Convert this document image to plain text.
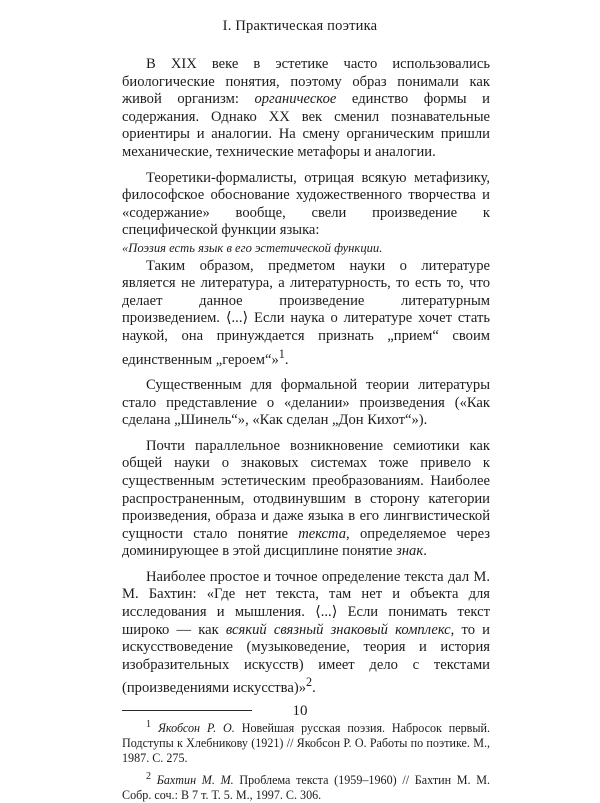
I. Практическая поэтика

В XIX веке в эстетике часто использовались биологические понятия, поэтому образ понимали как живой организм: органическое единство формы и содержания. Однако XX век сменил познавательные ориентиры и аналогии. На смену органическим пришли механические, технические метафоры и аналогии.

Теоретики-формалисты, отрицая всякую метафизику, философское обоснование художественного творчества и «содержание» вообще, свели произведение к специфической функции языка:

«Поэзия есть язык в его эстетической функции.

Таким образом, предметом науки о литературе является не литература, а литературность, то есть то, что делает данное произведение литературным произведением. ⟨...⟩ Если наука о литературе хочет стать наукой, она принуждается признать „прием“ своим единственным „героем“»$^1$.

Существенным для формальной теории литературы стало представление о «делании» произведения («Как сделана „Шинель“», «Как сделан „Дон Кихот“»).

Почти параллельное возникновение семиотики как общей науки о знаковых системах тоже привело к существенным эстетическим преобразованиям. Наиболее распространенным, отодвинувшим в сторону категории произведения, образа и даже языка в его лингвистической сущности стало понятие текста, определяемое через доминирующее в этой дисциплине понятие знак.

Наиболее простое и точное определение текста дал М. М. Бахтин: «Где нет текста, там нет и объекта для исследования и мышления. ⟨...⟩ Если понимать текст широко — как всякий связный знаковый комплекс, то и искусствоведение (музыковедение, теория и история изобразительных искусств) имеет дело с текстами (произведениями искусства)»$^2$.

$^1$ Якобсон Р. О. Новейшая русская поэзия. Набросок первый. Подступы к Хлебникову (1921) // Якобсон Р. О. Работы по поэтике. М., 1987. С. 275.

$^2$ Бахтин М. М. Проблема текста (1959–1960) // Бахтин М. М. Собр. соч.: В 7 т. Т. 5. М., 1997. С. 306.

10
